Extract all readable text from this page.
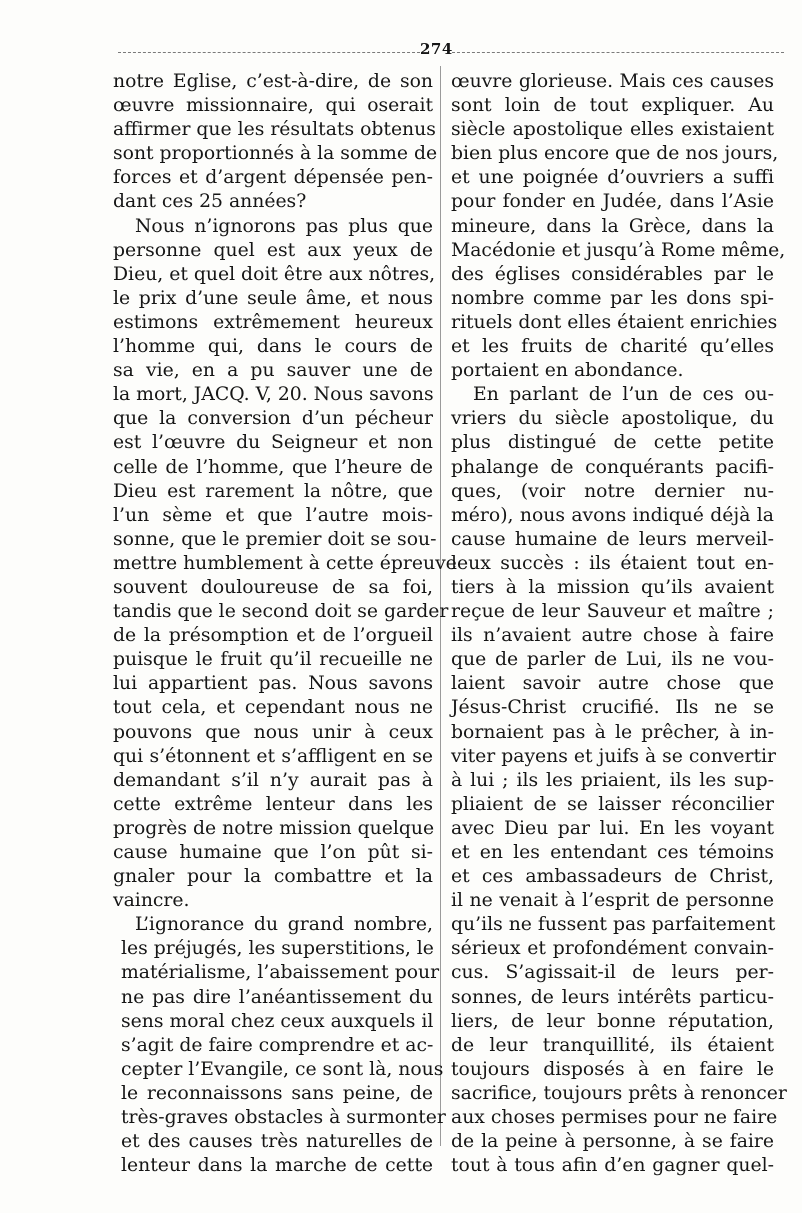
274
notre Eglise, c’est-à-dire, de son
œuvre missionnaire, qui oserait
affirmer que les résultats obtenus
sont proportionnés à la somme de
forces et d’argent dépensée pen-
dant ces 25 années?
Nous n’ignorons pas plus que
personne quel est aux yeux de
Dieu, et quel doit être aux nôtres,
le prix d’une seule âme, et nous
estimons extrêmement heureux
l’homme qui, dans le cours de
sa vie, en a pu sauver une de
la mort, JACQ. V, 20. Nous savons
que la conversion d’un pécheur
est l’œuvre du Seigneur et non
celle de l’homme, que l’heure de
Dieu est rarement la nôtre, que
l’un sème et que l’autre mois-
sonne, que le premier doit se sou-
mettre humblement à cette épreuve
souvent douloureuse de sa foi,
tandis que le second doit se garder
de la présomption et de l’orgueil
puisque le fruit qu’il recueille ne
lui appartient pas. Nous savons
tout cela, et cependant nous ne
pouvons que nous unir à ceux
qui s’étonnent et s’affligent en se
demandant s’il n’y aurait pas à
cette extrême lenteur dans les
progrès de notre mission quelque
cause humaine que l’on pût si-
gnaler pour la combattre et la
vaincre.
L’ignorance du grand nombre,
les préjugés, les superstitions, le
matérialisme, l’abaissement pour
ne pas dire l’anéantissement du
sens moral chez ceux auxquels il
s’agit de faire comprendre et ac-
cepter l’Evangile, ce sont là, nous
le reconnaissons sans peine, de
très-graves obstacles à surmonter
et des causes très naturelles de
lenteur dans la marche de cette
œuvre glorieuse. Mais ces causes
sont loin de tout expliquer. Au
siècle apostolique elles existaient
bien plus encore que de nos jours,
et une poignée d’ouvriers a suffi
pour fonder en Judée, dans l’Asie
mineure, dans la Grèce, dans la
Macédonie et jusqu’à Rome même,
des églises considérables par le
nombre comme par les dons spi-
rituels dont elles étaient enrichies
et les fruits de charité qu’elles
portaient en abondance.
En parlant de l’un de ces ou-
vriers du siècle apostolique, du
plus distingué de cette petite
phalange de conquérants pacifi-
ques, (voir notre dernier nu-
méro), nous avons indiqué déjà la
cause humaine de leurs merveil-
leux succès : ils étaient tout en-
tiers à la mission qu’ils avaient
reçue de leur Sauveur et maître ;
ils n’avaient autre chose à faire
que de parler de Lui, ils ne vou-
laient savoir autre chose que
Jésus-Christ crucifié. Ils ne se
bornaient pas à le prêcher, à in-
viter payens et juifs à se convertir
à lui ; ils les priaient, ils les sup-
pliaient de se laisser réconcilier
avec Dieu par lui. En les voyant
et en les entendant ces témoins
et ces ambassadeurs de Christ,
il ne venait à l’esprit de personne
qu’ils ne fussent pas parfaitement
sérieux et profondément convain-
cus. S’agissait-il de leurs per-
sonnes, de leurs intérêts particu-
liers, de leur bonne réputation,
de leur tranquillité, ils étaient
toujours disposés à en faire le
sacrifice, toujours prêts à renoncer
aux choses permises pour ne faire
de la peine à personne, à se faire
tout à tous afin d’en gagner quel-
